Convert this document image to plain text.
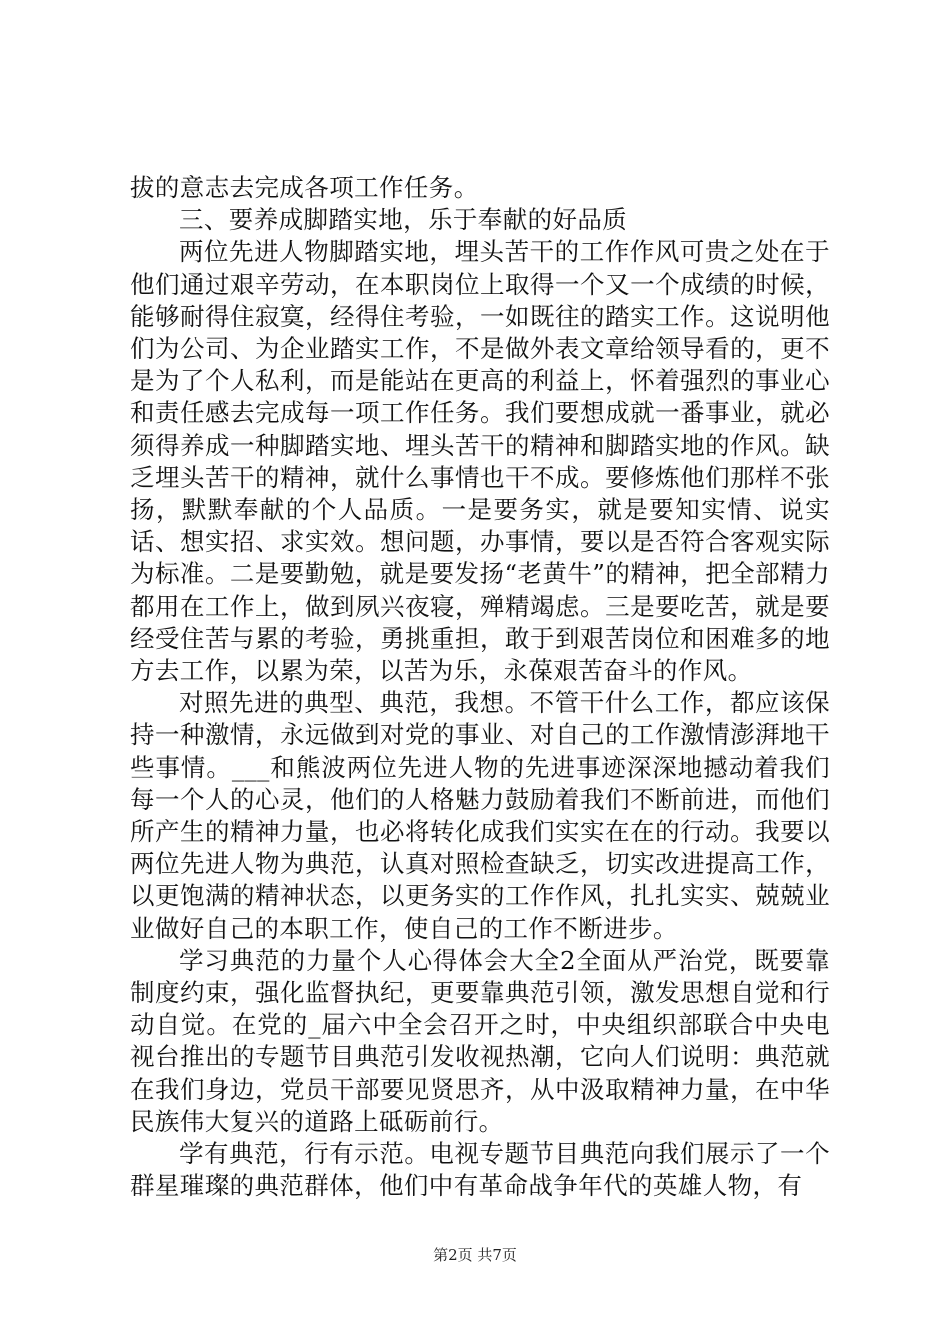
拔的意志去完成各项工作任务。

三、要养成脚踏实地，乐于奉献的好品质

两位先进人物脚踏实地，埋头苦干的工作作风可贵之处在于他们通过艰辛劳动，在本职岗位上取得一个又一个成绩的时候，能够耐得住寂寞，经得住考验，一如既往的踏实工作。这说明他们为公司、为企业踏实工作，不是做外表文章给领导看的，更不是为了个人私利，而是能站在更高的利益上，怀着强烈的事业心和责任感去完成每一项工作任务。我们要想成就一番事业，就必须得养成一种脚踏实地、埋头苦干的精神和脚踏实地的作风。缺乏埋头苦干的精神，就什么事情也干不成。要修炼他们那样不张扬，默默奉献的个人品质。一是要务实，就是要知实情、说实话、想实招、求实效。想问题，办事情，要以是否符合客观实际为标准。二是要勤勉，就是要发扬“老黄牛”的精神，把全部精力都用在工作上，做到夙兴夜寝，殚精竭虑。三是要吃苦，就是要经受住苦与累的考验，勇挑重担，敢于到艰苦岗位和困难多的地方去工作，以累为荣，以苦为乐，永葆艰苦奋斗的作风。

对照先进的典型、典范，我想。不管干什么工作，都应该保持一种激情，永远做到对党的事业、对自己的工作激情澎湃地干些事情。___和熊波两位先进人物的先进事迹深深地撼动着我们每一个人的心灵，他们的人格魅力鼓励着我们不断前进，而他们所产生的精神力量，也必将转化成我们实实在在的行动。我要以两位先进人物为典范，认真对照检查缺乏，切实改进提高工作，以更饱满的精神状态，以更务实的工作作风，扎扎实实、兢兢业业做好自己的本职工作，使自己的工作不断进步。

学习典范的力量个人心得体会大全2全面从严治党，既要靠制度约束，强化监督执纪，更要靠典范引领，激发思想自觉和行动自觉。在党的_届六中全会召开之时，中央组织部联合中央电视台推出的专题节目典范引发收视热潮，它向人们说明：典范就在我们身边，党员干部要见贤思齐，从中汲取精神力量，在中华民族伟大复兴的道路上砥砺前行。

学有典范，行有示范。电视专题节目典范向我们展示了一个群星璀璨的典范群体，他们中有革命战争年代的英雄人物，有

第2页 共7页
